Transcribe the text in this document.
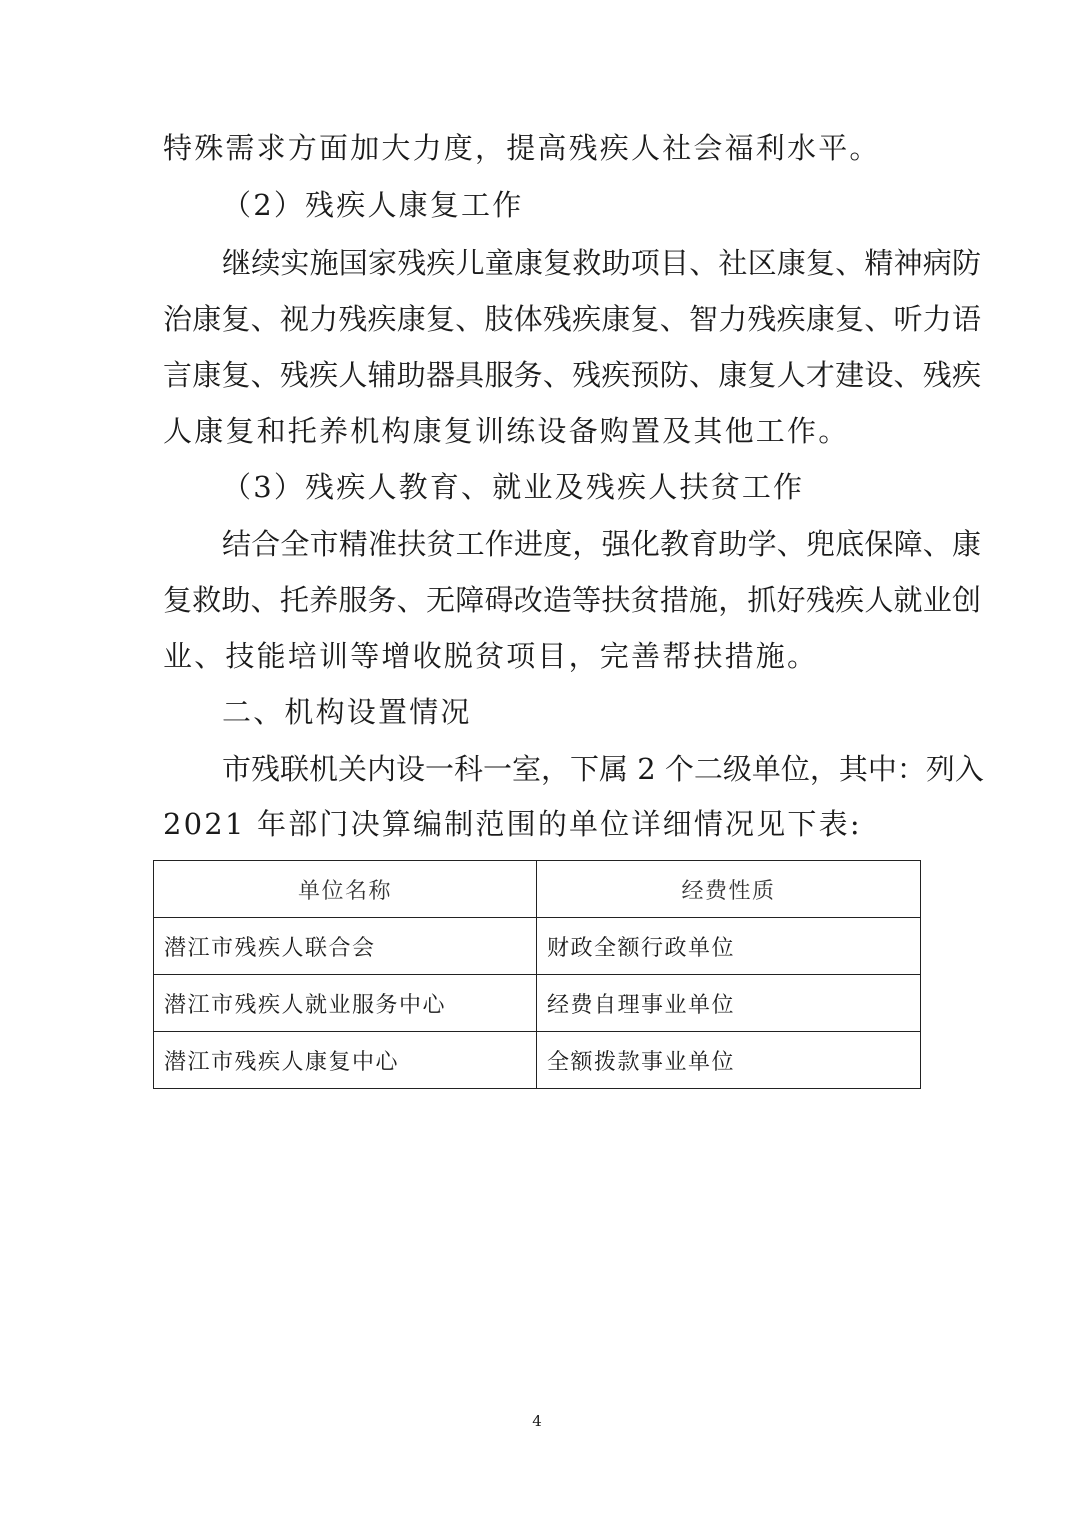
特殊需求方面加大力度，提高残疾人社会福利水平。
（2）残疾人康复工作
继续实施国家残疾儿童康复救助项目、社区康复、精神病防
治康复、视力残疾康复、肢体残疾康复、智力残疾康复、听力语
言康复、残疾人辅助器具服务、残疾预防、康复人才建设、残疾
人康复和托养机构康复训练设备购置及其他工作。
（3）残疾人教育、就业及残疾人扶贫工作
结合全市精准扶贫工作进度，强化教育助学、兜底保障、康
复救助、托养服务、无障碍改造等扶贫措施，抓好残疾人就业创
业、技能培训等增收脱贫项目，完善帮扶措施。
二、机构设置情况
市残联机关内设一科一室，下属 2 个二级单位，其中：列入
2021 年部门决算编制范围的单位详细情况见下表:
单位名称	经费性质
潜江市残疾人联合会	财政全额行政单位
潜江市残疾人就业服务中心	经费自理事业单位
潜江市残疾人康复中心	全额拨款事业单位
4
